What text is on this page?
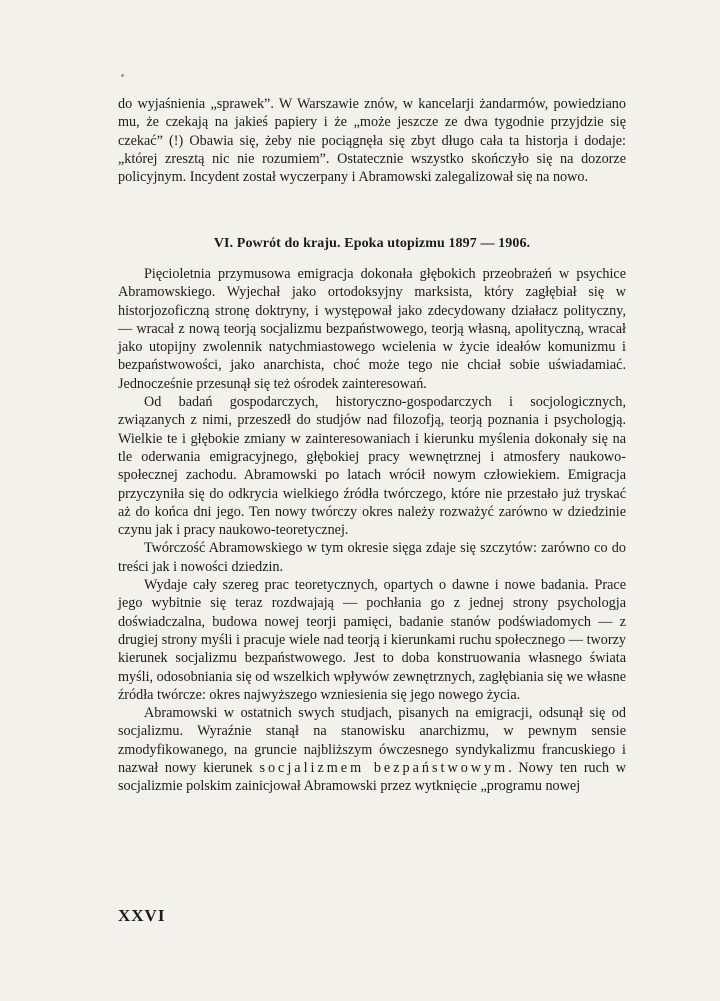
do wyjaśnienia „sprawek”. W Warszawie znów, w kancelarji żandarmów, powiedziano mu, że czekają na jakieś papiery i że „może jeszcze ze dwa tygodnie przyjdzie się czekać” (!) Obawia się, żeby nie pociągnęła się zbyt długo cała ta historja i dodaje: „której zresztą nic nie rozumiem”. Ostatecznie wszystko skończyło się na dozorze policyjnym. Incydent został wyczerpany i Abramowski zalegalizował się na nowo.

VI. Powrót do kraju. Epoka utopizmu 1897 — 1906.

Pięcioletnia przymusowa emigracja dokonała głębokich przeobrażeń w psychice Abramowskiego. Wyjechał jako ortodoksyjny marksista, który zagłębiał się w historjozoficzną stronę doktryny, i występował jako zdecydowany działacz polityczny, — wracał z nową teorją socjalizmu bezpaństwowego, teorją własną, apolityczną, wracał jako utopijny zwolennik natychmiastowego wcielenia w życie ideałów komunizmu i bezpaństwowości, jako anarchista, choć może tego nie chciał sobie uświadamiać. Jednocześnie przesunął się też ośrodek zainteresowań.

Od badań gospodarczych, historyczno-gospodarczych i socjologicznych, związanych z nimi, przeszedł do studjów nad filozofją, teorją poznania i psychologją. Wielkie te i głębokie zmiany w zainteresowaniach i kierunku myślenia dokonały się na tle oderwania emigracyjnego, głębokiej pracy wewnętrznej i atmosfery naukowo-społecznej zachodu. Abramowski po latach wrócił nowym człowiekiem. Emigracja przyczyniła się do odkrycia wielkiego źródła twórczego, które nie przestało już tryskać aż do końca dni jego. Ten nowy twórczy okres należy rozważyć zarówno w dziedzinie czynu jak i pracy naukowo-teoretycznej.

Twórczość Abramowskiego w tym okresie sięga zdaje się szczytów: zarówno co do treści jak i nowości dziedzin.

Wydaje cały szereg prac teoretycznych, opartych o dawne i nowe badania. Prace jego wybitnie się teraz rozdwajają — pochłania go z jednej strony psychologja doświadczalna, budowa nowej teorji pamięci, badanie stanów podświadomych — z drugiej strony myśli i pracuje wiele nad teorją i kierunkami ruchu społecznego — tworzy kierunek socjalizmu bezpaństwowego. Jest to doba konstruowania własnego świata myśli, odosobniania się od wszelkich wpływów zewnętrznych, zagłębiania się we własne źródła twórcze: okres najwyższego wzniesienia się jego nowego życia.

Abramowski w ostatnich swych studjach, pisanych na emigracji, odsunął się od socjalizmu. Wyraźnie stanął na stanowisku anarchizmu, w pewnym sensie zmodyfikowanego, na gruncie najbliższym ówczesnego syndykalizmu francuskiego i nazwał nowy kierunek socjalizmem bezpaństwowym. Nowy ten ruch w socjalizmie polskim zainicjował Abramowski przez wytknięcie „programu nowej

XXVI
